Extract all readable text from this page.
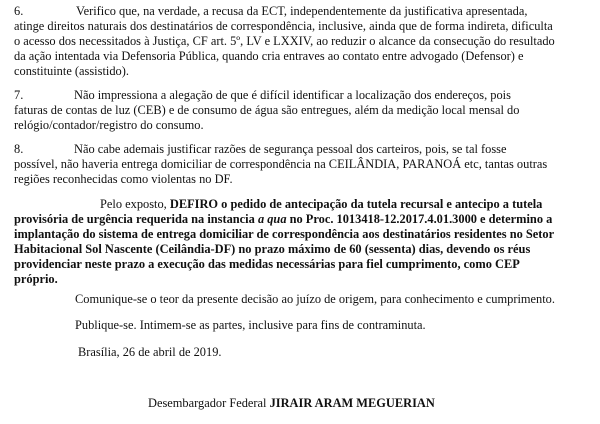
6.	Verifico que, na verdade, a recusa da ECT, independentemente da justificativa apresentada,
atinge direitos naturais dos destinatários de correspondência, inclusive, ainda que de forma indireta, dificulta
o acesso dos necessitados à Justiça, CF art. 5º, LV e LXXIV, ao reduzir o alcance da consecução do resultado
da ação intentada via Defensoria Pública, quando cria entraves ao contato entre advogado (Defensor) e
constituinte (assistido).
7.	Não impressiona a alegação de que é difícil identificar a localização dos endereços, pois
faturas de contas de luz (CEB) e de consumo de água são entregues, além da medição local mensal do
relógio/contador/registro do consumo.
8.	Não cabe ademais justificar razões de segurança pessoal dos carteiros, pois, se tal fosse
possível, não haveria entrega domiciliar de correspondência na CEILÂNDIA, PARANOÁ etc, tantas outras
regiões reconhecidas como violentas no DF.
Pelo exposto, DEFIRO o pedido de antecipação da tutela recursal e antecipo a tutela
provisória de urgência requerida na instancia a qua no Proc. 1013418-12.2017.4.01.3000 e determino a
implantação do sistema de entrega domiciliar de correspondência aos destinatários residentes no Setor
Habitacional Sol Nascente (Ceilândia-DF) no prazo máximo de 60 (sessenta) dias, devendo os réus
providenciar neste prazo a execução das medidas necessárias para fiel cumprimento, como CEP
próprio.
Comunique-se o teor da presente decisão ao juízo de origem, para conhecimento e cumprimento.
Publique-se. Intimem-se as partes, inclusive para fins de contraminuta.
Brasília, 26 de abril de 2019.
Desembargador Federal JIRAIR ARAM MEGUERIAN
